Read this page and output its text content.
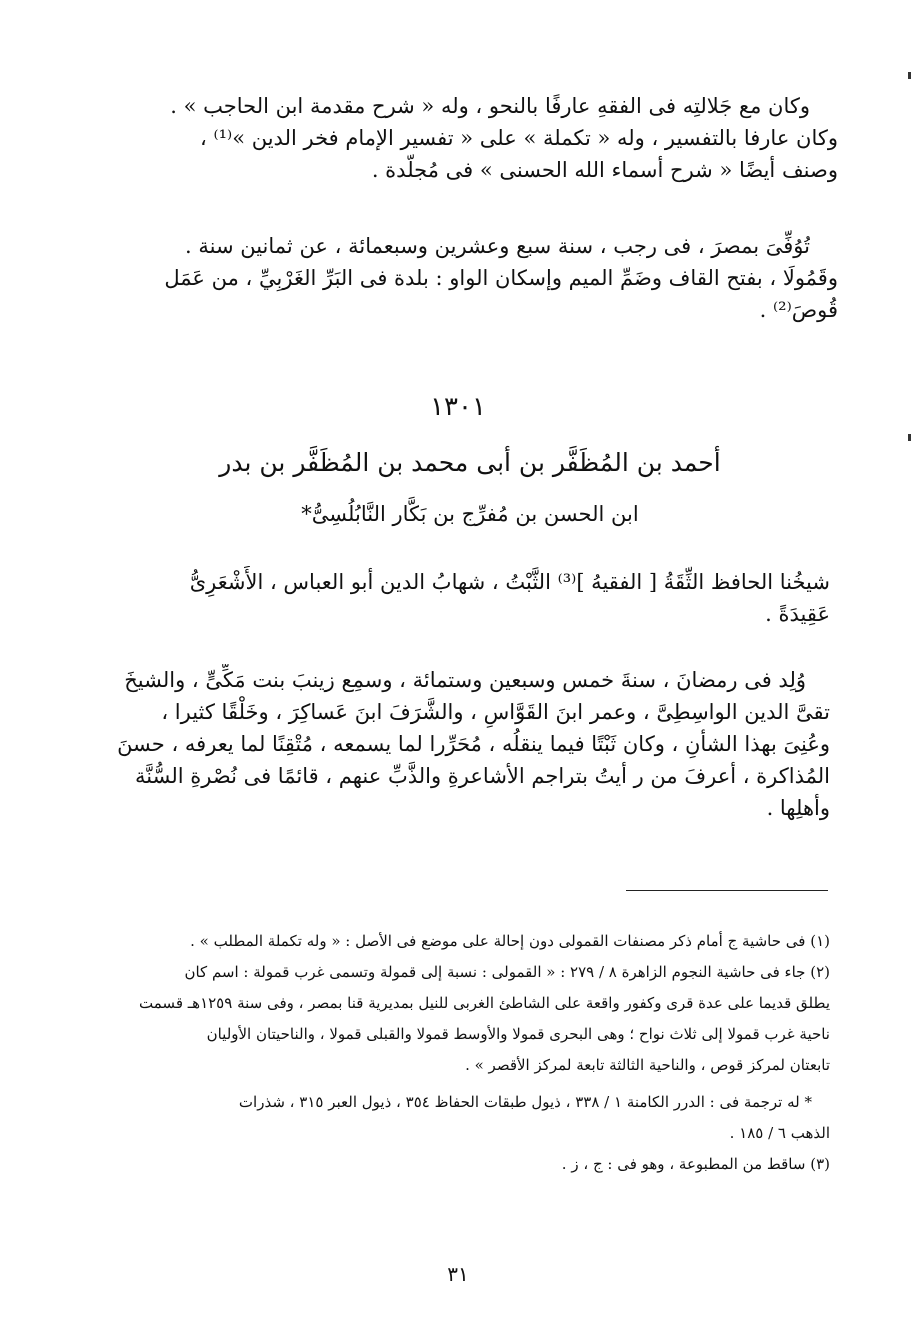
وكان مع جَلالتِه فى الفقهِ عارفًا بالنحو ، وله « شرح مقدمة ابن الحاجب » .
وكان عارفا بالتفسير ، وله « تكملة » على « تفسير الإمام فخر الدين »⁽¹⁾ ،
وصنف أيضًا « شرح أسماء الله الحسنى » فى مُجلَّدة .
تُوُفِّىَ بمصرَ ، فى رجب ، سنة سبع وعشرين وسبعمائة ، عن ثمانين سنة .
وقَمُولَا ، بفتح القاف وضَمِّ الميم وإسكان الواو : بلدة فى البَرِّ الغَرْبِيِّ ، من عَمَل
قُوصَ⁽²⁾ .
١٣٠١
أحمد بن المُظَفَّر بن أبى محمد بن المُظَفَّر بن بدر
ابن الحسن بن مُفرِّج بن بَكَّار النَّابُلُسِىُّ*
شيخُنا الحافظ الثِّقَةُ [ الفقيهُ ]⁽³⁾ الثَّبْتُ ، شهابُ الدين أبو العباس ، الأَشْعَرِىُّ
عَقِيدَةً .
وُلِد فى رمضانَ ، سنةَ خمس وسبعين وستمائة ، وسمِع زينبَ بنت مَكِّىٍّ ، والشيخَ
تقىَّ الدين الواسِطِىَّ ، وعمر ابنَ القَوَّاسِ ، والشَّرَفَ ابنَ عَساكِرَ ، وخَلْقًا كثيرا ،
وعُنِىَ بهذا الشأنِ ، وكان ثَبْتًا فيما ينقلُه ، مُحَرِّرا لما يسمعه ، مُتْقِنًا لما يعرفه ، حسنَ
المُذاكرة ، أعرفَ من ر أيتُ بتراجم الأشاعرةِ والذَّبِّ عنهم ، قائمًا فى نُصْرةِ السُّنَّة
وأهلِها .
(١) فى حاشية ج أمام ذكر مصنفات القمولى دون إحالة على موضع فى الأصل : « وله تكملة المطلب » .
(٢) جاء فى حاشية النجوم الزاهرة ٨ / ٢٧٩ : « القمولى : نسبة إلى قمولة وتسمى غرب قمولة : اسم كان
يطلق قديما على عدة قرى وكفور واقعة على الشاطئ الغربى للنيل بمديرية قنا بمصر ، وفى سنة ١٢٥٩هـ قسمت
ناحية غرب قمولا إلى ثلاث نواح ؛ وهى البحرى قمولا والأوسط قمولا والقبلى قمولا ، والناحيتان الأوليان
تابعتان لمركز قوص ، والناحية الثالثة تابعة لمركز الأقصر » .
* له ترجمة فى : الدرر الكامنة ١ / ٣٣٨ ، ذيول طبقات الحفاظ ٣٥٤ ، ذيول العبر ٣١٥ ، شذرات
الذهب ٦ / ١٨٥ .
(٣) ساقط من المطبوعة ، وهو فى : ج ، ز .
٣١
